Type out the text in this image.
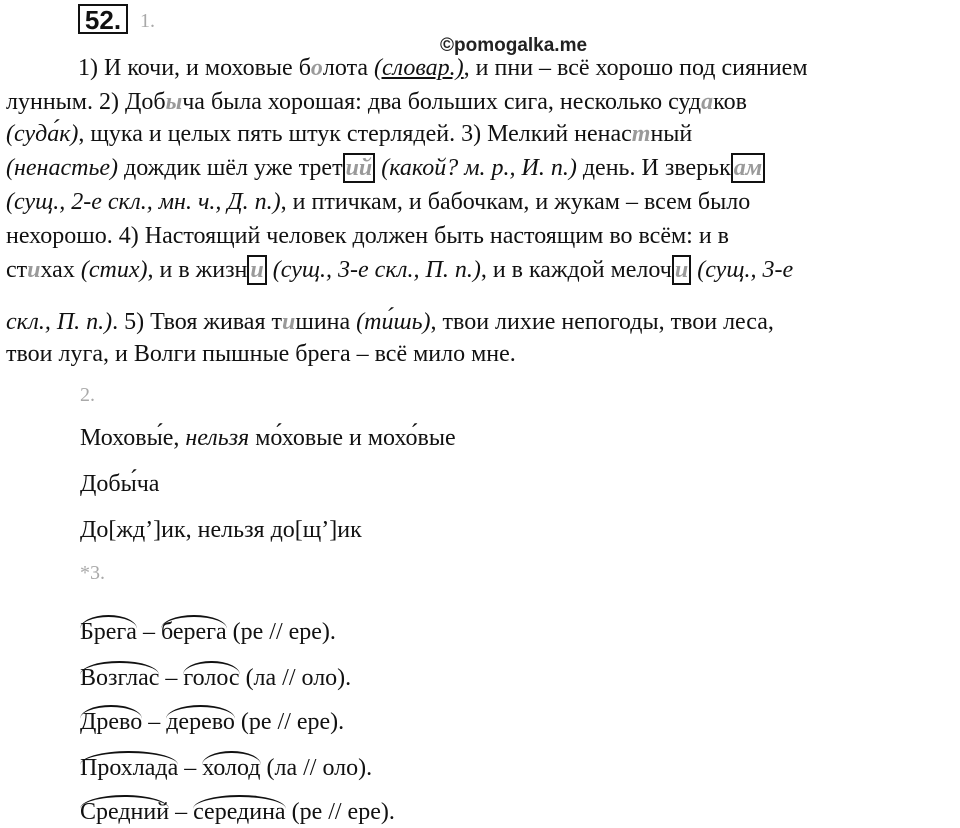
52. 1.
©pomogalka.me
1) И кочи, и моховые болота (словар.), и пни – всё хорошо под сиянием
лунным. 2) Добыча была хорошая: два больших сига, несколько судаков
(суда́к), щука и целых пять штук стерлядей. 3) Мелкий ненастный
(ненастье) дождик шёл уже трет ий (какой? м. р., И. п.) день. И зверьк ам
(сущ., 2-е скл., мн. ч., Д. п.), и птичкам, и бабочкам, и жукам – всем было
нехорошо. 4) Настоящий человек должен быть настоящим во всём: и в
стихах (стих), и в жизн и (сущ., 3-е скл., П. п.), и в каждой мелоч и (сущ., 3-е
скл., П. п.). 5) Твоя живая тишина (ти́шь), твои лихие непогоды, твои леса,
твои луга, и Волги пышные брега – всё мило мне.
2.
Моховы́е, нельзя мо́ховые и мохо́вые
Добы́ча
До[жд’]ик, нельзя до[щ’]ик
*3.
Брега – берега (ре // ере).
Возглас – голос (ла // оло).
Древо – дерево (ре // ере).
Прохлада – холод (ла // оло).
Средний – середина (ре // ере).
